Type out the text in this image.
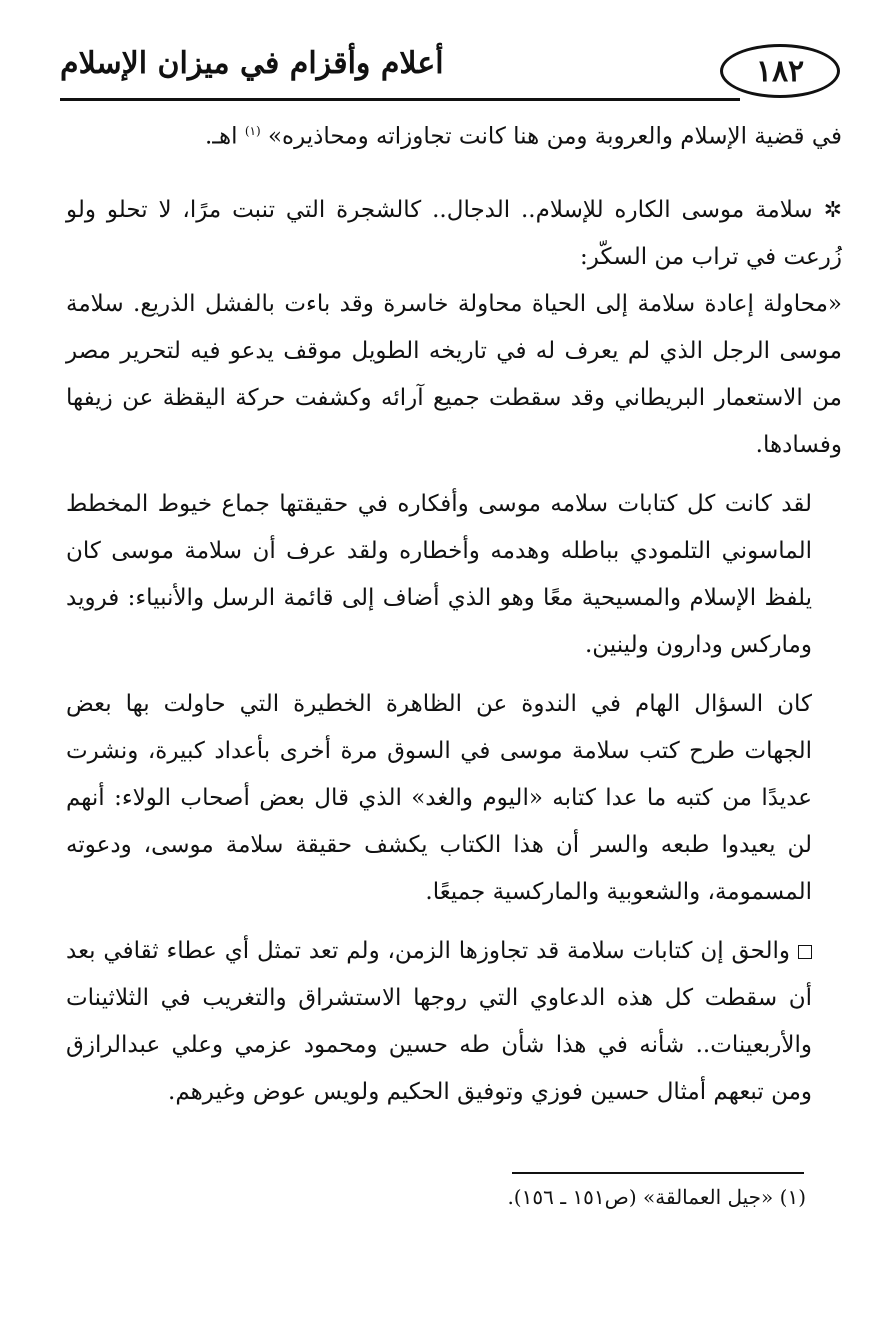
١٨٢
أعلام وأقزام في ميزان الإسلام

في قضية الإسلام والعروبة ومن هنا كانت تجاوزاته ومحاذيره» $^{(١)}$ اهـ.

✲ سلامة موسى الكاره للإسلام.. الدجال.. كالشجرة التي تنبت مرًا، لا تحلو ولو زُرعت في تراب من السكّر:

«محاولة إعادة سلامة إلى الحياة محاولة خاسرة وقد باءت بالفشل الذريع. سلامة موسى الرجل الذي لم يعرف له في تاريخه الطويل موقف يدعو فيه لتحرير مصر من الاستعمار البريطاني وقد سقطت جميع آرائه وكشفت حركة اليقظة عن زيفها وفسادها.

لقد كانت كل كتابات سلامه موسى وأفكاره في حقيقتها جماع خيوط المخطط الماسوني التلمودي بباطله وهدمه وأخطاره ولقد عرف أن سلامة موسى كان يلفظ الإسلام والمسيحية معًا وهو الذي أضاف إلى قائمة الرسل والأنبياء: فرويد وماركس ودارون ولينين.

كان السؤال الهام في الندوة عن الظاهرة الخطيرة التي حاولت بها بعض الجهات طرح كتب سلامة موسى في السوق مرة أخرى بأعداد كبيرة، ونشرت عديدًا من كتبه ما عدا كتابه «اليوم والغد» الذي قال بعض أصحاب الولاء: أنهم لن يعيدوا طبعه والسر أن هذا الكتاب يكشف حقيقة سلامة موسى، ودعوته المسمومة، والشعوبية والماركسية جميعًا.

والحق إن كتابات سلامة قد تجاوزها الزمن، ولم تعد تمثل أي عطاء ثقافي بعد أن سقطت كل هذه الدعاوي التي روجها الاستشراق والتغريب في الثلاثينات والأربعينات.. شأنه في هذا شأن طه حسين ومحمود عزمي وعلي عبدالرازق ومن تبعهم أمثال حسين فوزي وتوفيق الحكيم ولويس عوض وغيرهم.

(١) «جيل العمالقة» (ص١٥١ ـ ١٥٦).
